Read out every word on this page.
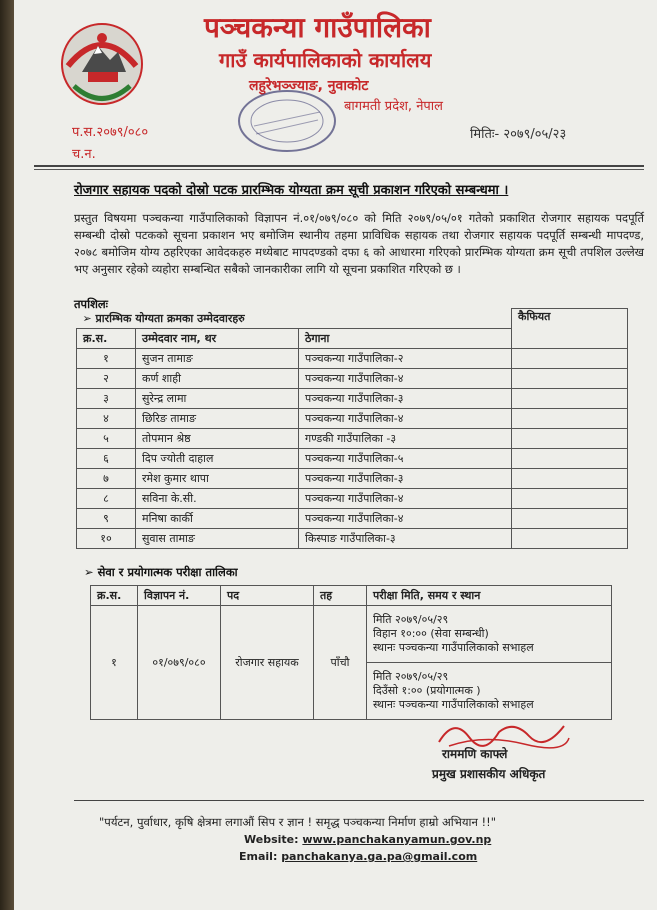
पञ्चकन्या गाउँपालिका
गाउँ कार्यपालिकाको कार्यालय
लहुरेभञ्ज्याङ, नुवाकोट
बागमती प्रदेश, नेपाल
प.स.२०७९/०८०
च.न.
मितिः- २०७९/०५/२३
रोजगार सहायक पदको दोस्रो पटक प्रारम्भिक योग्यता क्रम सूची प्रकाशन गरिएको सम्बन्धमा ।
प्रस्तुत विषयमा पञ्चकन्या गाउँपालिकाको विज्ञापन नं.०१/०७९/०८० को मिति २०७९/०५/०१ गतेको प्रकाशित रोजगार सहायक पदपूर्ति सम्बन्धी दोस्रो पटकको सूचना प्रकाशन भए बमोजिम स्थानीय तहमा प्राविधिक सहायक तथा रोजगार सहायक पदपूर्ति सम्बन्धी मापदण्ड, २०७८ बमोजिम योग्य ठहरिएका आवेदकहरु मध्येबाट मापदण्डको दफा ६ को आधारमा गरिएको प्रारम्भिक योग्यता क्रम सूची तपशिल उल्लेख भए अनुसार रहेको व्यहोरा सम्बन्धित सबैको जानकारीका लागि यो सूचना प्रकाशित गरिएको छ ।
तपशिलः
➢ प्रारम्भिक योग्यता क्रमका उम्मेदवारहरु			कैफियत
क्र.स.	उम्मेदवार नाम, थर	ठेगाना	
१	सुजन तामाङ	पञ्चकन्या गाउँपालिका-२	
२	कर्ण शाही	पञ्चकन्या गाउँपालिका-४	
३	सुरेन्द्र लामा	पञ्चकन्या गाउँपालिका-३	
४	छिरिङ तामाङ	पञ्चकन्या गाउँपालिका-४	
५	तोपमान श्रेष्ठ	गण्डकी गाउँपालिका -३	
६	दिप ज्योती दाहाल	पञ्चकन्या गाउँपालिका-५	
७	रमेश कुमार थापा	पञ्चकन्या गाउँपालिका-३	
८	सविना के.सी.	पञ्चकन्या गाउँपालिका-४	
९	मनिषा कार्की	पञ्चकन्या गाउँपालिका-४	
१०	सुवास तामाङ	किस्पाङ गाउँपालिका-३	
➢ सेवा र प्रयोगात्मक परीक्षा तालिका
क्र.स.	विज्ञापन नं.	पद	तह	परीक्षा मिति, समय र स्थान
१	०१/०७९/०८०	रोजगार सहायक	पाँचौ	मिति २०७९/०५/२९
विहान १०:०० (सेवा सम्बन्धी)
स्थानः पञ्चकन्या गाउँपालिकाको सभाहल

				मिति २०७९/०५/२९
दिउँसो १:०० (प्रयोगात्मक )
स्थानः पञ्चकन्या गाउँपालिकाको सभाहल
राममणि काफ्ले
प्रमुख प्रशासकीय अधिकृत
"पर्यटन, पुर्वाधार, कृषि क्षेत्रमा लगाऔं सिप र ज्ञान ! समृद्ध पञ्चकन्या निर्माण हाम्रो अभियान !!"
Website: www.panchakanyamun.gov.np
Email: panchakanya.ga.pa@gmail.com
